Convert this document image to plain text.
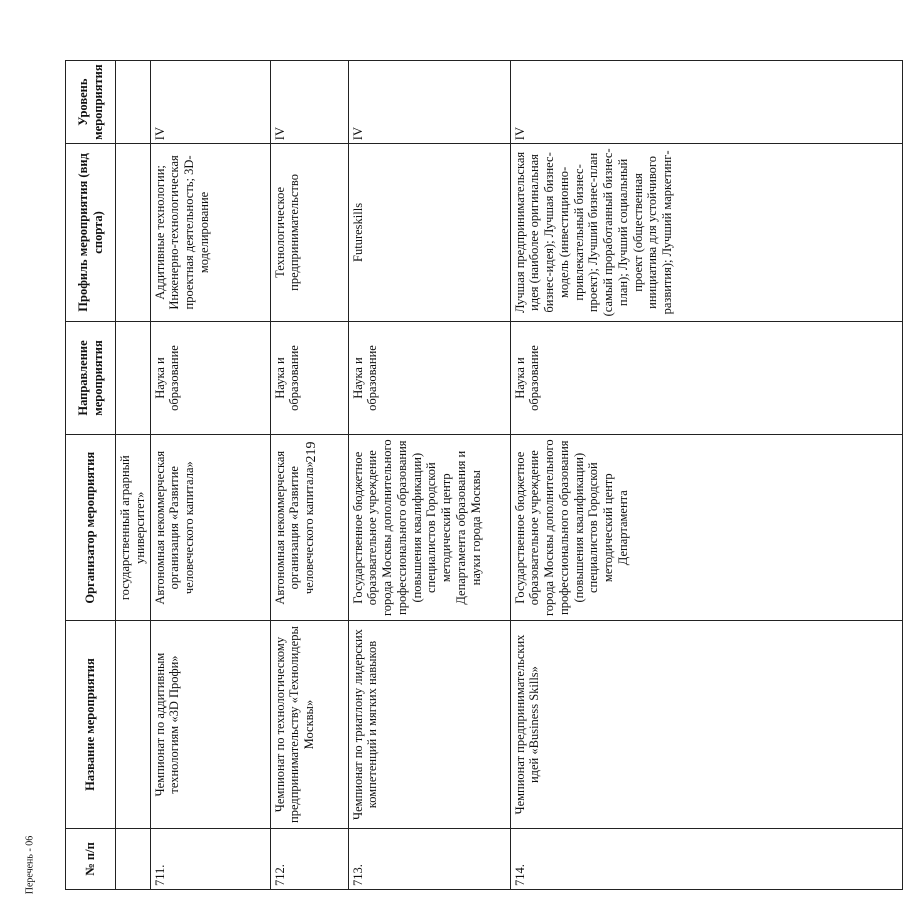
219
Перечень - 06	№ п/п	Название мероприятия	Организатор мероприятия	Направление мероприятия	Профиль мероприятия (вид спорта)	Уровень мероприятия
		государственный аграрный университет»			
711.	Чемпионат по аддитивным технологиям «3D Профи»	Автономная некоммерческая организация «Развитие человеческого капитала»	Наука и образование	Аддитивные технологии; Инженерно-технологическая проектная деятельность; 3D-моделирование	IV
712.	Чемпионат по технологическому предпринимательству «Технолидеры Москвы»	Автономная некоммерческая организация «Развитие человеческого капитала»	Наука и образование	Технологическое предпринимательство	IV
713.	Чемпионат по триатлону лидерских компетенций и мягких навыков	Государственное бюджетное образовательное учреждение города Москвы дополнительного профессионального образования (повышения квалификации) специалистов Городской методический центр Департамента образования и науки города Москвы	Наука и образование	Futureskills	IV
714.	Чемпионат предпринимательских идей «Business Skills»	Государственное бюджетное образовательное учреждение города Москвы дополнительного профессионального образования (повышения квалификации) специалистов Городской методический центр Департамента	Наука и образование	Лучшая предпринимательская идея (наиболее оригинальная бизнес-идея); Лучшая бизнес-модель (инвестиционно-привлекательный бизнес-проект); Лучший бизнес-план (самый проработанный бизнес-план); Лучший социальный проект (общественная инициатива для устойчивого развития); Лучший маркетинг-	IV
